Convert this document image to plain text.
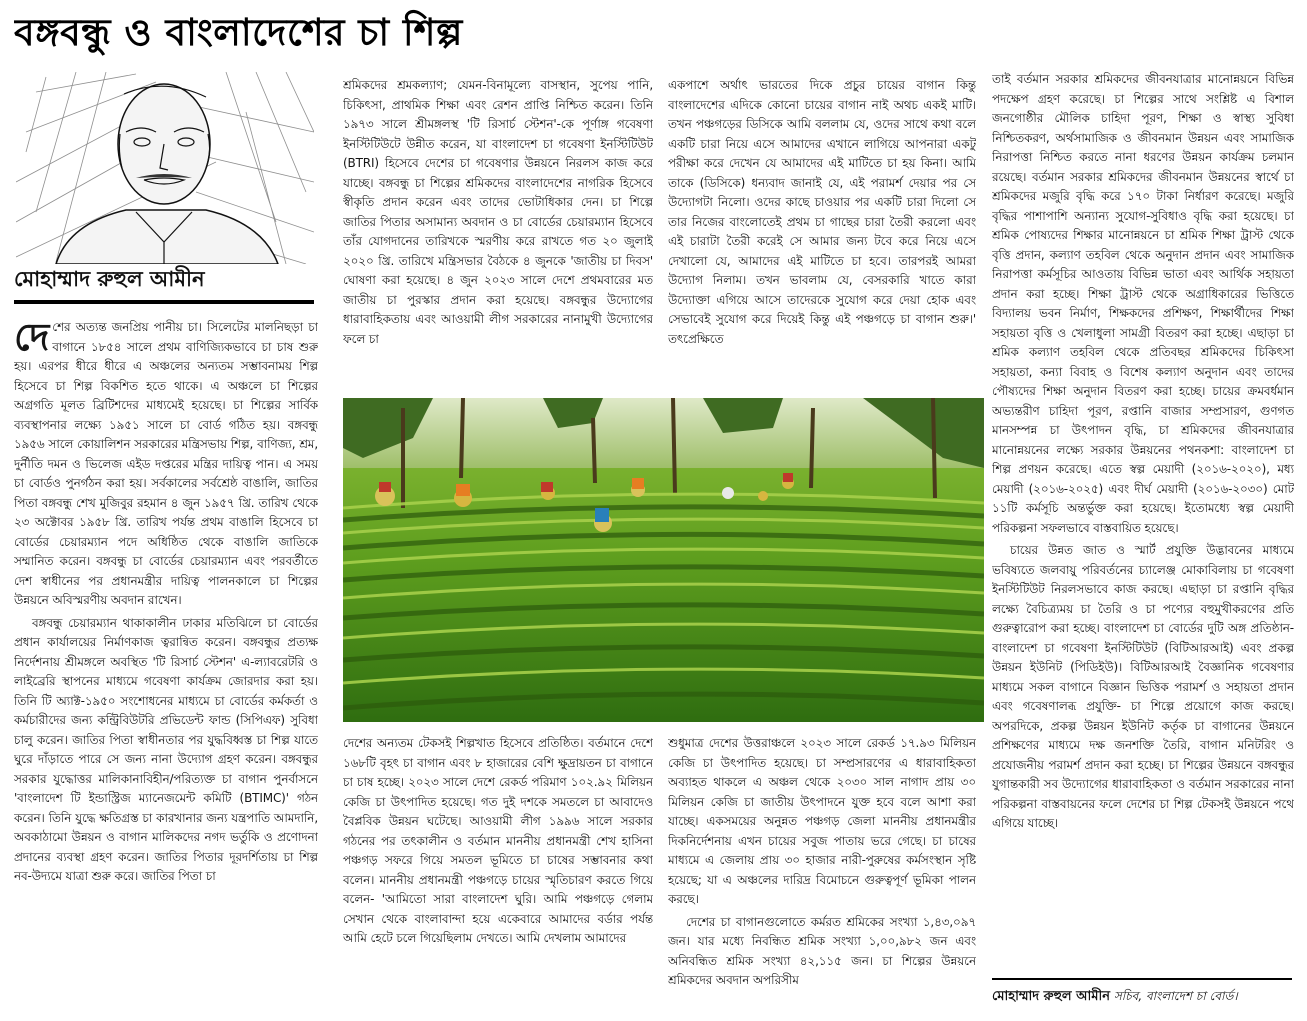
বঙ্গবন্ধু ও বাংলাদেশের চা শিল্প
মোহাম্মাদ রুহুল আমীন

দেশের অত্যন্ত জনপ্রিয় পানীয় চা। সিলেটের মালনিছড়া চা বাগানে ১৮৫৪ সালে প্রথম বাণিজ্যিকভাবে চা চাষ শুরু হয়। এরপর ধীরে ধীরে এ অঞ্চলের অন্যতম সম্ভাবনাময় শিল্প হিসেবে চা শিল্প বিকশিত হতে থাকে। এ অঞ্চলে চা শিল্পের অগ্রগতি মূলত ব্রিটিশদের মাধ্যমেই হয়েছে। চা শিল্পের সার্বিক ব্যবস্থাপনার লক্ষ্যে ১৯৫১ সালে চা বোর্ড গঠিত হয়। বঙ্গবন্ধু ১৯৫৬ সালে কোয়ালিশন সরকারের মন্ত্রিসভায় শিল্প, বাণিজ্য, শ্রম, দুর্নীতি দমন ও ভিলেজ এইড দপ্তরের মন্ত্রির দায়িত্ব পান। এ সময় চা বোর্ডও পুনর্গঠন করা হয়। সর্বকালের সর্বশ্রেষ্ঠ বাঙালি, জাতির পিতা বঙ্গবন্ধু শেখ মুজিবুর রহমান ৪ জুন ১৯৫৭ খ্রি. তারিখ থেকে ২৩ অক্টোবর ১৯৫৮ খ্রি. তারিখ পর্যন্ত প্রথম বাঙালি হিসেবে চা বোর্ডের চেয়ারম্যান পদে অধিষ্ঠিত থেকে বাঙালি জাতিকে সম্মানিত করেন। বঙ্গবন্ধু চা বোর্ডের চেয়ারম্যান এবং পরবর্তীতে দেশ স্বাধীনের পর প্রধানমন্ত্রীর দায়িত্ব পালনকালে চা শিল্পের উন্নয়নে অবিস্মরণীয় অবদান রাখেন।

বঙ্গবন্ধু চেয়ারম্যান থাকাকালীন ঢাকার মতিঝিলে চা বোর্ডের প্রধান কার্যালয়ের নির্মাণকাজ ত্বরান্বিত করেন। বঙ্গবন্ধুর প্রত্যক্ষ নির্দেশনায় শ্রীমঙ্গলে অবস্থিত 'টি রিসার্চ স্টেশন' এ-ল্যাবরেটরি ও লাইব্রেরি স্থাপনের মাধ্যমে গবেষণা কার্যক্রম জোরদার করা হয়। তিনি টি অ্যাক্ট-১৯৫০ সংশোধনের মাধ্যমে চা বোর্ডের কর্মকর্তা ও কর্মচারীদের জন্য কন্ট্রিবিউটরি প্রভিডেন্ট ফান্ড (সিপিএফ) সুবিধা চালু করেন। জাতির পিতা স্বাধীনতার পর যুদ্ধবিধ্বস্ত চা শিল্প যাতে ঘুরে দাঁড়াতে পারে সে জন্য নানা উদ্যোগ গ্রহণ করেন। বঙ্গবন্ধুর সরকার যুদ্ধোত্তর মালিকানাবিহীন/পরিত্যক্ত চা বাগান পুনর্বাসনে 'বাংলাদেশ টি ইন্ডাস্ট্রিজ ম্যানেজমেন্ট কমিটি (BTIMC)' গঠন করেন। তিনি যুদ্ধে ক্ষতিগ্রস্ত চা কারখানার জন্য যন্ত্রপাতি আমদানি, অবকাঠামো উন্নয়ন ও বাগান মালিকদের নগদ ভর্তুকি ও প্রণোদনা প্রদানের ব্যবস্থা গ্রহণ করেন। জাতির পিতার দূরদর্শিতায় চা শিল্প নব-উদ্যমে যাত্রা শুরু করে। জাতির পিতা চা

শ্রমিকদের শ্রমকল্যাণ; যেমন-বিনামূল্যে বাসস্থান, সুপেয় পানি, চিকিৎসা, প্রাথমিক শিক্ষা এবং রেশন প্রাপ্তি নিশ্চিত করেন। তিনি ১৯৭৩ সালে শ্রীমঙ্গলস্থ 'টি রিসার্চ স্টেশন'-কে পূর্ণাঙ্গ গবেষণা ইনস্টিটিউটে উন্নীত করেন, যা বাংলাদেশ চা গবেষণা ইনস্টিটিউট (BTRI) হিসেবে দেশের চা গবেষণার উন্নয়নে নিরলস কাজ করে যাচ্ছে। বঙ্গবন্ধু চা শিল্পের শ্রমিকদের বাংলাদেশের নাগরিক হিসেবে স্বীকৃতি প্রদান করেন এবং তাদের ভোটাধিকার দেন। চা শিল্পে জাতির পিতার অসামান্য অবদান ও চা বোর্ডের চেয়ারম্যান হিসেবে তাঁর যোগদানের তারিখকে স্মরণীয় করে রাখতে গত ২০ জুলাই ২০২০ খ্রি. তারিখে মন্ত্রিসভার বৈঠকে ৪ জুনকে 'জাতীয় চা দিবস' ঘোষণা করা হয়েছে। ৪ জুন ২০২৩ সালে দেশে প্রথমবারের মত জাতীয় চা পুরস্কার প্রদান করা হয়েছে। বঙ্গবন্ধুর উদ্যোগের ধারাবাহিকতায় এবং আওয়ামী লীগ সরকারের নানামুখী উদ্যোগের ফলে চা

একপাশে অর্থাৎ ভারতের দিকে প্রচুর চায়ের বাগান কিন্তু বাংলাদেশের এদিকে কোনো চায়ের বাগান নাই অথচ একই মাটি। তখন পঞ্চগড়ের ডিসিকে আমি বললাম যে, ওদের সাথে কথা বলে একটি চারা নিয়ে এসে আমাদের এখানে লাগিয়ে আপনারা একটু পরীক্ষা করে দেখেন যে আমাদের এই মাটিতে চা হয় কিনা। আমি তাকে (ডিসিকে) ধন্যবাদ জানাই যে, এই পরামর্শ দেয়ার পর সে উদ্যোগটা নিলো। ওদের কাছে চাওয়ার পর একটি চারা দিলো সে তার নিজের বাংলোতেই প্রথম চা গাছের চারা তৈরী করলো এবং এই চারাটা তৈরী করেই সে আমার জন্য টবে করে নিয়ে এসে দেখালো যে, আমাদের এই মাটিতে চা হবে। তারপরই আমরা উদ্যোগ নিলাম। তখন ভাবলাম যে, বেসরকারি খাতে কারা উদ্যোক্তা এগিয়ে আসে তাদেরকে সুযোগ করে দেয়া হোক এবং সেভাবেই সুযোগ করে দিয়েই কিন্তু এই পঞ্চগড়ে চা বাগান শুরু।' তৎপ্রেক্ষিতে

দেশের অন্যতম টেকসই শিল্পখাত হিসেবে প্রতিষ্ঠিত। বর্তমানে দেশে ১৬৮টি বৃহৎ চা বাগান এবং ৮ হাজারের বেশি ক্ষুদ্রায়তন চা বাগানে চা চাষ হচ্ছে। ২০২৩ সালে দেশে রেকর্ড পরিমাণ ১০২.৯২ মিলিয়ন কেজি চা উৎপাদিত হয়েছে। গত দুই দশকে সমতলে চা আবাদেও বৈপ্লবিক উন্নয়ন ঘটেছে। আওয়ামী লীগ ১৯৯৬ সালে সরকার গঠনের পর তৎকালীন ও বর্তমান মাননীয় প্রধানমন্ত্রী শেখ হাসিনা পঞ্চগড় সফরে গিয়ে সমতল ভূমিতে চা চাষের সম্ভাবনার কথা বলেন। মাননীয় প্রধানমন্ত্রী পঞ্চগড়ে চায়ের স্মৃতিচারণ করতে গিয়ে বলেন- 'আমিতো সারা বাংলাদেশ ঘুরি। আমি পঞ্চগড়ে গেলাম সেখান থেকে বাংলাবান্দা হয়ে একেবারে আমাদের বর্ডার পর্যন্ত আমি হেটে চলে গিয়েছিলাম দেখতে। আমি দেখলাম আমাদের

শুধুমাত্র দেশের উত্তরাঞ্চলে ২০২৩ সালে রেকর্ড ১৭.৯৩ মিলিয়ন কেজি চা উৎপাদিত হয়েছে। চা সম্প্রসারণের এ ধারাবাহিকতা অব্যাহত থাকলে এ অঞ্চল থেকে ২০৩০ সাল নাগাদ প্রায় ৩০ মিলিয়ন কেজি চা জাতীয় উৎপাদনে যুক্ত হবে বলে আশা করা যাচ্ছে। একসময়ের অনুন্নত পঞ্চগড় জেলা মাননীয় প্রধানমন্ত্রীর দিকনির্দেশনায় এখন চায়ের সবুজ পাতায় ভরে গেছে। চা চাষের মাধ্যমে এ জেলায় প্রায় ৩০ হাজার নারী-পুরুষের কর্মসংস্থান সৃষ্টি হয়েছে; যা এ অঞ্চলের দারিদ্র বিমোচনে গুরুত্বপূর্ণ ভূমিকা পালন করছে।

দেশের চা বাগানগুলোতে কর্মরত শ্রমিকের সংখ্যা ১,৪৩,০৯৭ জন। যার মধ্যে নিবন্ধিত শ্রমিক সংখ্যা ১,০০,৯৮২ জন এবং অনিবন্ধিত শ্রমিক সংখ্যা ৪২,১১৫ জন। চা শিল্পের উন্নয়নে শ্রমিকদের অবদান অপরিসীম

তাই বর্তমান সরকার শ্রমিকদের জীবনযাত্রার মানোন্নয়নে বিভিন্ন পদক্ষেপ গ্রহণ করেছে। চা শিল্পের সাথে সংশ্লিষ্ট এ বিশাল জনগোষ্ঠীর মৌলিক চাহিদা পূরণ, শিক্ষা ও স্বাস্থ্য সুবিধা নিশ্চিতকরণ, অর্থসামাজিক ও জীবনমান উন্নয়ন এবং সামাজিক নিরাপত্তা নিশ্চিত করতে নানা ধরণের উন্নয়ন কার্যক্রম চলমান রয়েছে। বর্তমান সরকার শ্রমিকদের জীবনমান উন্নয়নের স্বার্থে চা শ্রমিকদের মজুরি বৃদ্ধি করে ১৭০ টাকা নির্ধারণ করেছে। মজুরি বৃদ্ধির পাশাপাশি অন্যান্য সুযোগ-সুবিধাও বৃদ্ধি করা হয়েছে। চা শ্রমিক পোষ্যদের শিক্ষার মানোন্নয়নে চা শ্রমিক শিক্ষা ট্রাস্ট থেকে বৃত্তি প্রদান, কল্যাণ তহবিল থেকে অনুদান প্রদান এবং সামাজিক নিরাপত্তা কর্মসূচির আওতায় বিভিন্ন ভাতা এবং আর্থিক সহায়তা প্রদান করা হচ্ছে। শিক্ষা ট্রাস্ট থেকে অগ্রাধিকারের ভিত্তিতে বিদ্যালয় ভবন নির্মাণ, শিক্ষকদের প্রশিক্ষণ, শিক্ষার্থীদের শিক্ষা সহায়তা বৃত্তি ও খেলাধুলা সামগ্রী বিতরণ করা হচ্ছে। এছাড়া চা শ্রমিক কল্যাণ তহবিল থেকে প্রতিবছর শ্রমিকদের চিকিৎসা সহায়তা, কন্যা বিবাহ ও বিশেষ কল্যাণ অনুদান এবং তাদের পৌষ্যদের শিক্ষা অনুদান বিতরণ করা হচ্ছে। চায়ের ক্রমবর্ধমান অভ্যন্তরীণ চাহিদা পূরণ, রপ্তানি বাজার সম্প্রসারণ, গুণগত মানসম্পন্ন চা উৎপাদন বৃদ্ধি, চা শ্রমিকদের জীবনযাত্রার মানোন্নয়নের লক্ষ্যে সরকার উন্নয়নের পথনকশা: বাংলাদেশ চা শিল্প প্রণয়ন করেছে। এতে স্বল্প মেয়াদী (২০১৬-২০২০), মধ্য মেয়াদী (২০১৬-২০২৫) এবং দীর্ঘ মেয়াদী (২০১৬-২০৩০) মোট ১১টি কর্মসূচি অন্তর্ভুক্ত করা হয়েছে। ইতোমধ্যে স্বল্প মেয়াদী পরিকল্পনা সফলভাবে বাস্তবায়িত হয়েছে।

চায়ের উন্নত জাত ও স্মার্ট প্রযুক্তি উদ্ভাবনের মাধ্যমে ভবিষ্যতে জলবায়ু পরিবর্তনের চ্যালেঞ্জ মোকাবিলায় চা গবেষণা ইনস্টিটিউট নিরলসভাবে কাজ করছে। এছাড়া চা রপ্তানি বৃদ্ধির লক্ষ্যে বৈচিত্র্যময় চা তৈরি ও চা পণ্যের বহুমুখীকরণের প্রতি গুরুত্বারোপ করা হচ্ছে। বাংলাদেশ চা বোর্ডের দুটি অঙ্গ প্রতিষ্ঠান- বাংলাদেশ চা গবেষণা ইনস্টিটিউট (বিটিআরআই) এবং প্রকল্প উন্নয়ন ইউনিট (পিডিইউ)। বিটিআরআই বৈজ্ঞানিক গবেষণার মাধ্যমে সকল বাগানে বিজ্ঞান ভিত্তিক পরামর্শ ও সহায়তা প্রদান এবং গবেষণালব্ধ প্রযুক্তি- চা শিল্পে প্রয়োগে কাজ করছে। অপরদিকে, প্রকল্প উন্নয়ন ইউনিট কর্তৃক চা বাগানের উন্নয়নে প্রশিক্ষণের মাধ্যমে দক্ষ জনশক্তি তৈরি, বাগান মনিটরিং ও প্রযোজনীয় পরামর্শ প্রদান করা হচ্ছে। চা শিল্পের উন্নয়নে বঙ্গবন্ধুর যুগান্তকারী সব উদ্যোগের ধারাবাহিকতা ও বর্তমান সরকারের নানা পরিকল্পনা বাস্তবায়নের ফলে দেশের চা শিল্প টেকসই উন্নয়নে পথে এগিয়ে যাচ্ছে।

মোহাম্মাদ রুহুল আমীন সচিব, বাংলাদেশ চা বোর্ড।
